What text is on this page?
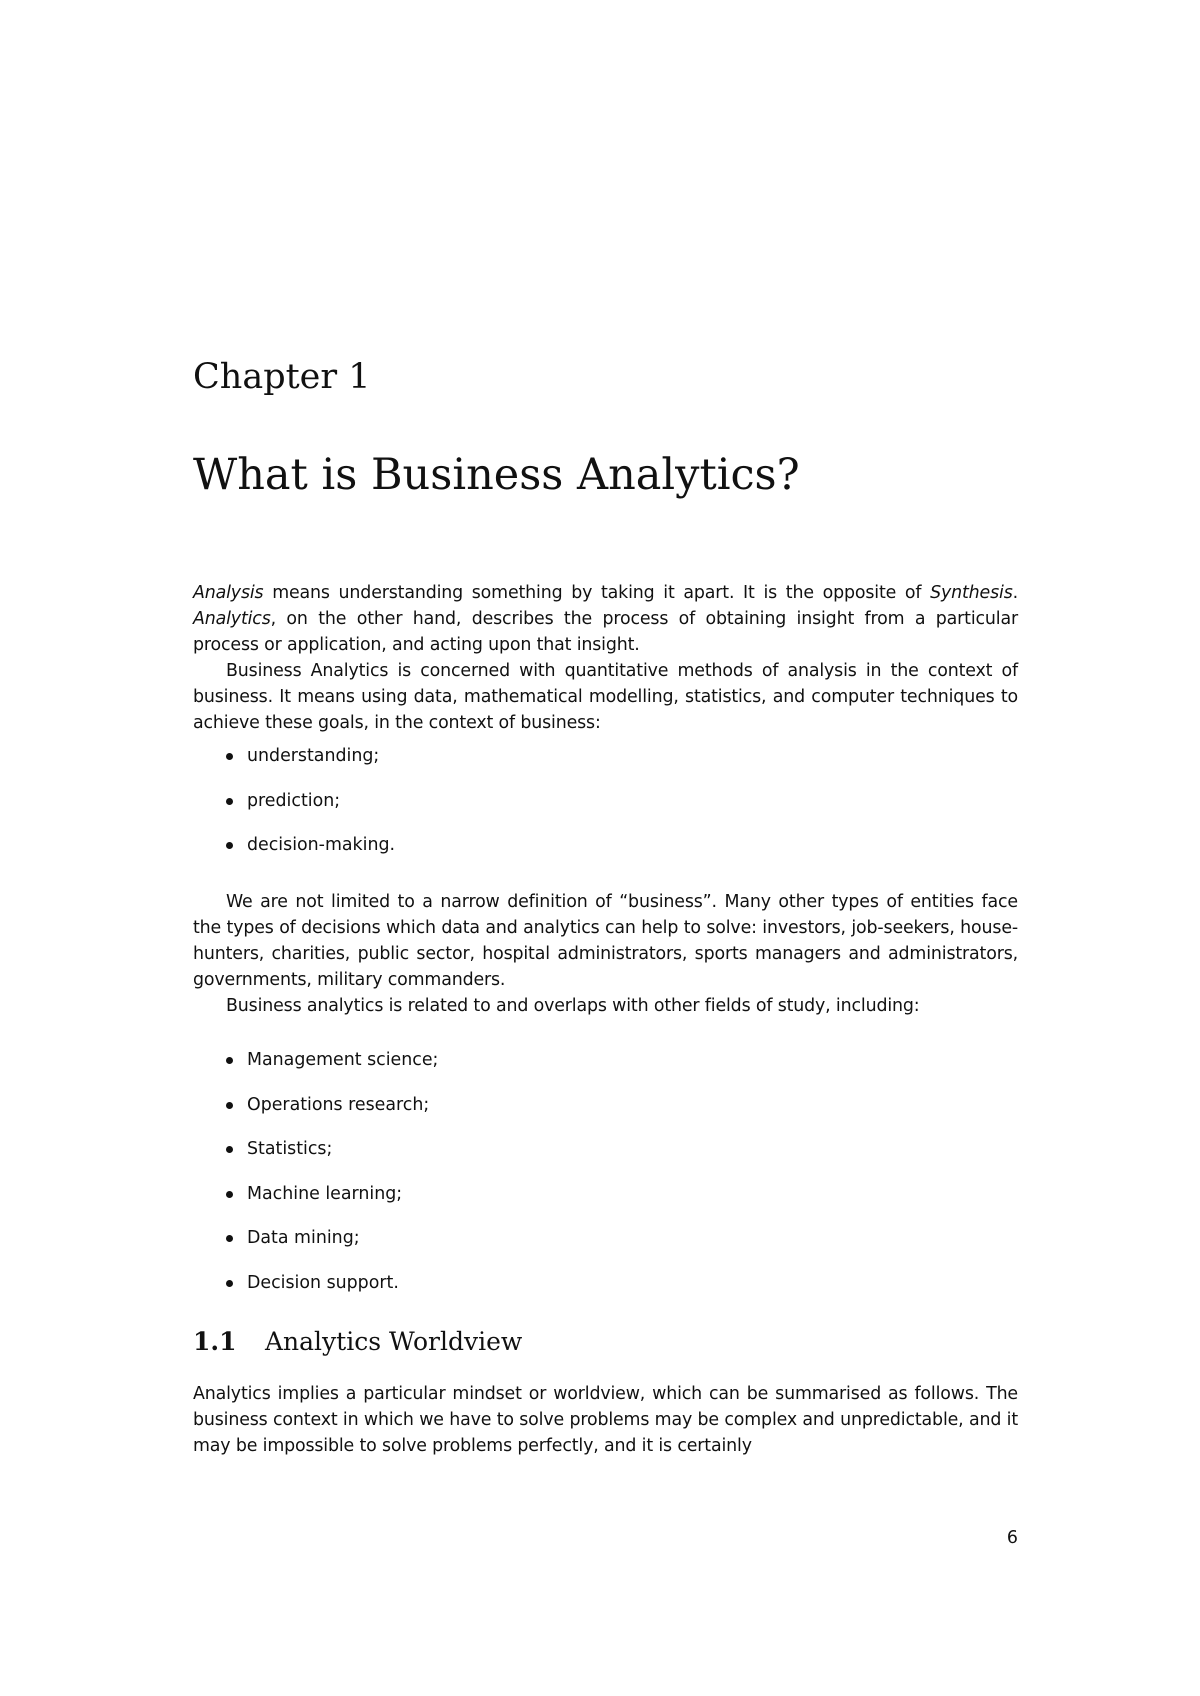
Chapter 1
What is Business Analytics?

Analysis means understanding something by taking it apart. It is the opposite of Synthesis. Analytics, on the other hand, describes the process of obtaining insight from a particular process or application, and acting upon that insight.

Business Analytics is concerned with quantitative methods of analysis in the context of business. It means using data, mathematical modelling, statistics, and computer techniques to achieve these goals, in the context of business:

understanding;
prediction;
decision-making.

We are not limited to a narrow definition of “business”. Many other types of entities face the types of decisions which data and analytics can help to solve: investors, job-seekers, house-hunters, charities, public sector, hospital administrators, sports managers and administrators, governments, military commanders.

Business analytics is related to and overlaps with other fields of study, including:

Management science;
Operations research;
Statistics;
Machine learning;
Data mining;
Decision support.
1.1 Analytics Worldview

Analytics implies a particular mindset or worldview, which can be summarised as follows. The business context in which we have to solve problems may be complex and unpredictable, and it may be impossible to solve problems perfectly, and it is certainly

6
